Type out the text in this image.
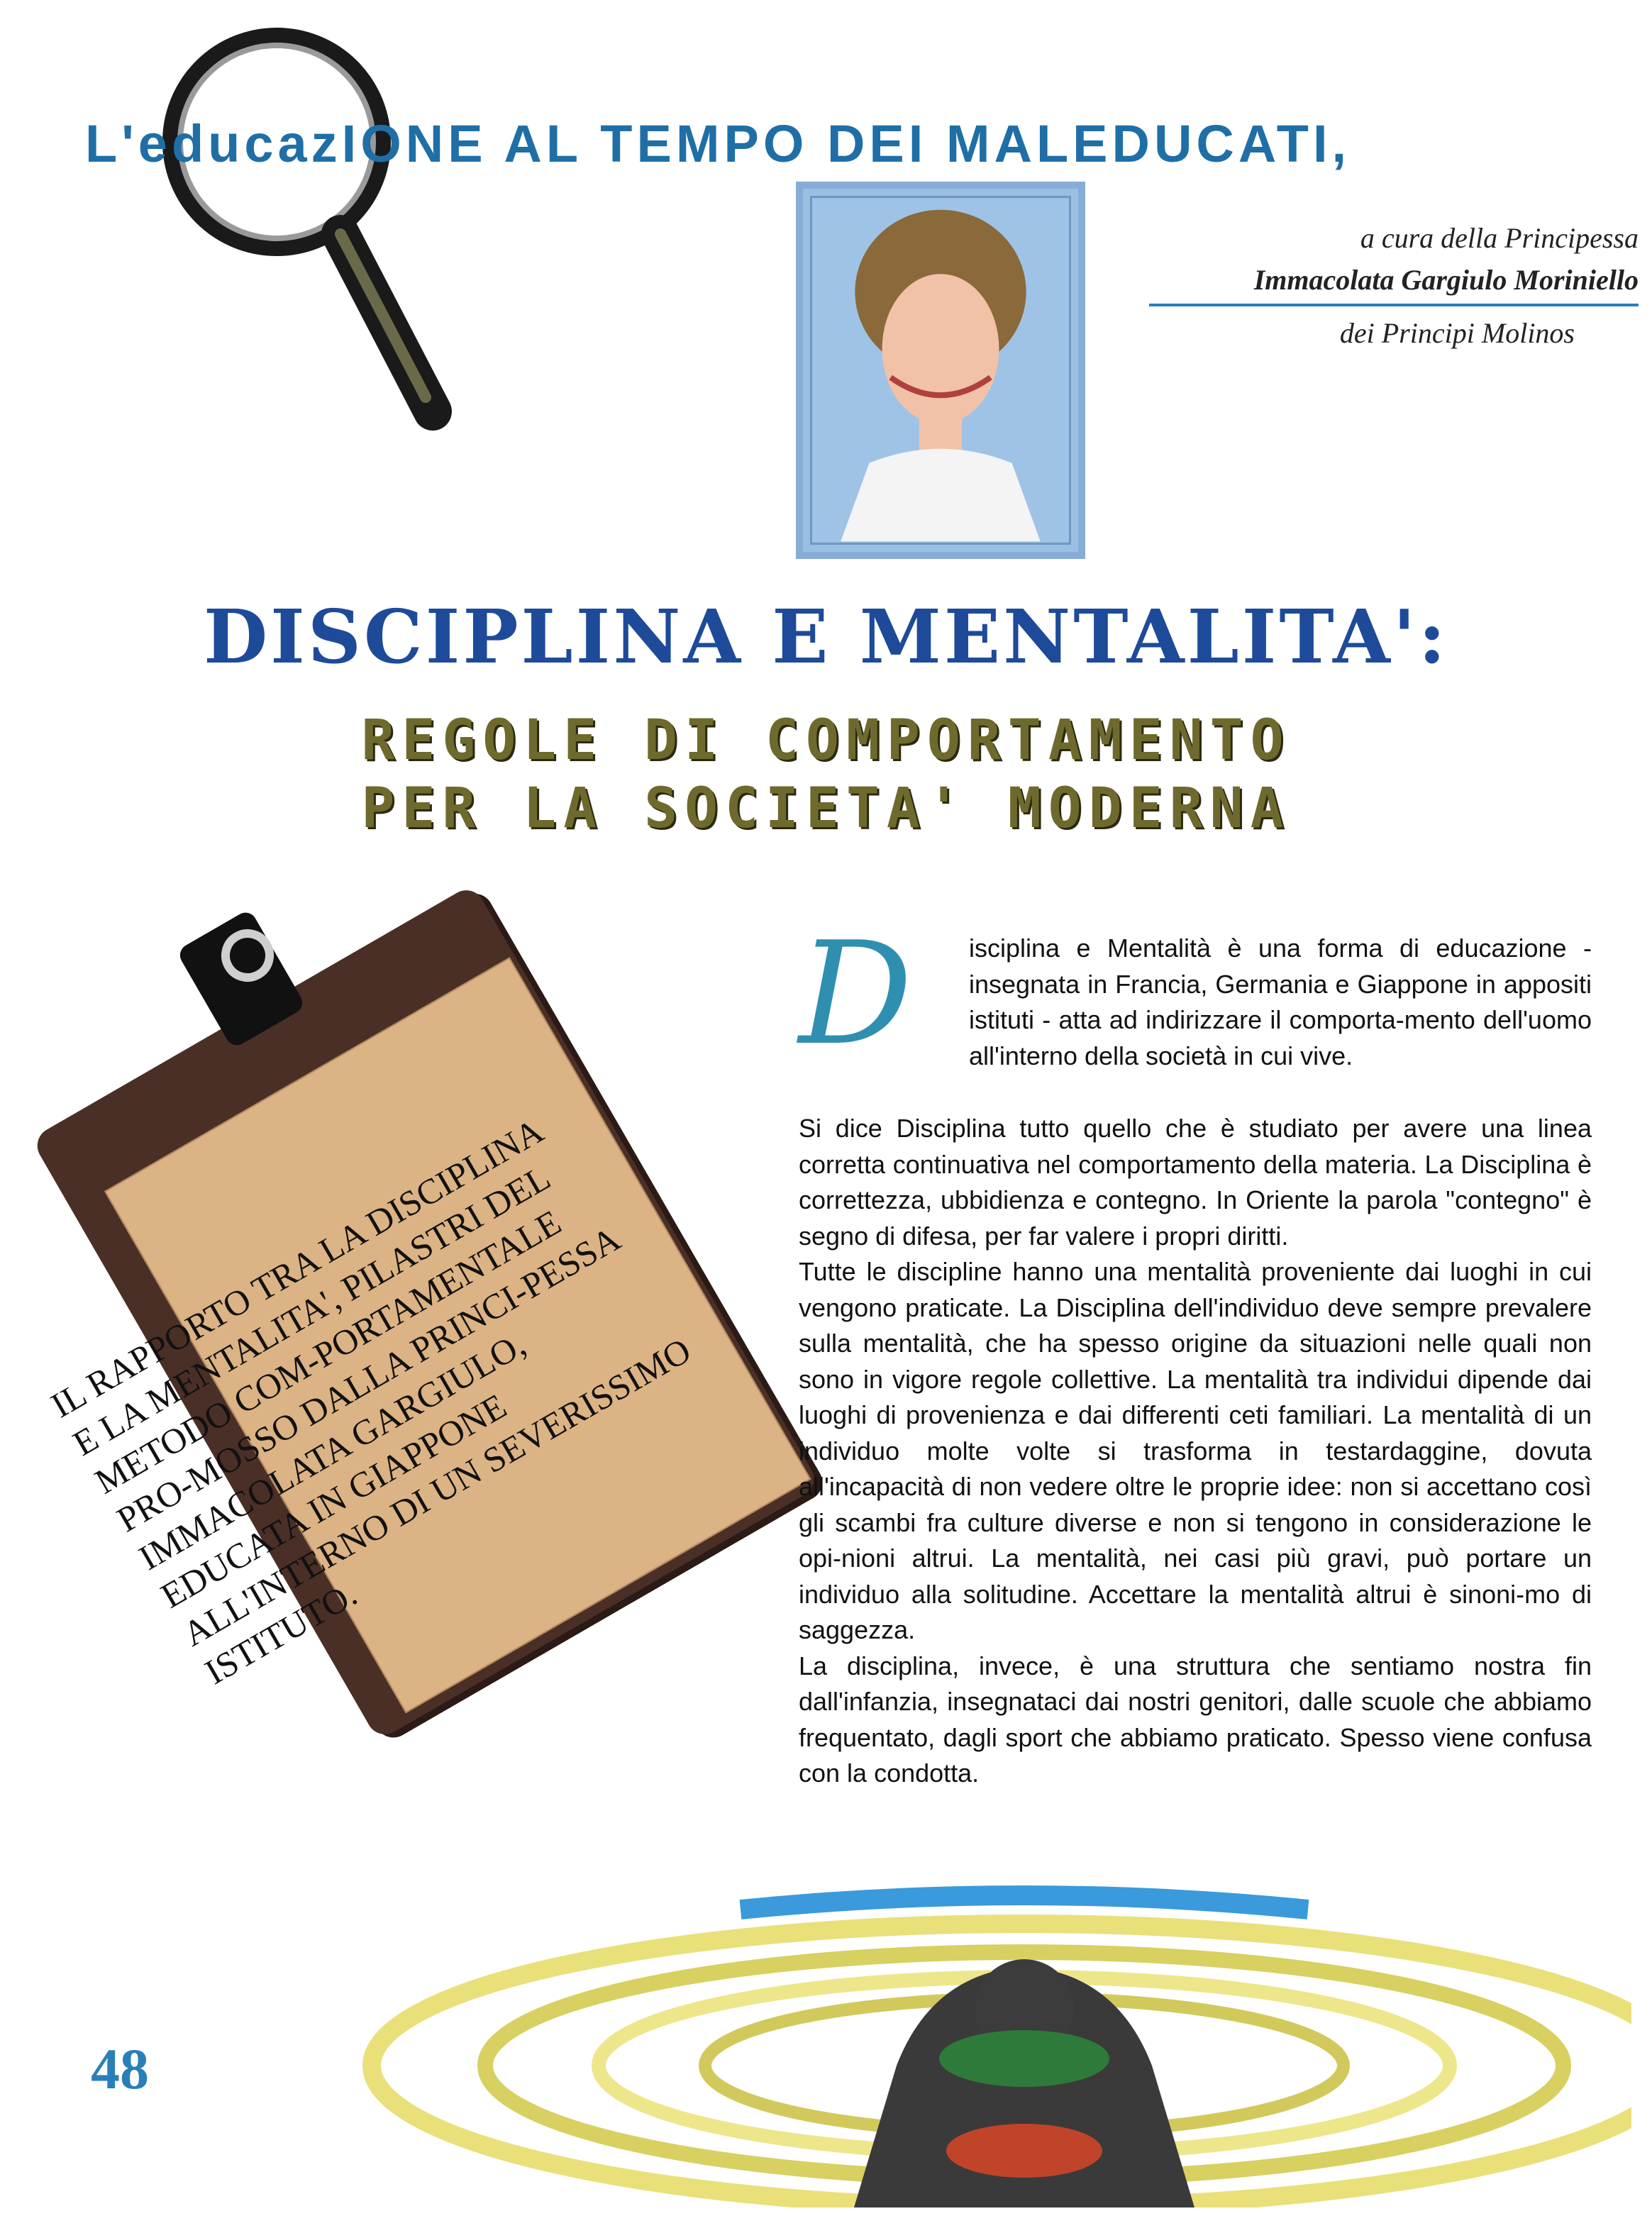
L'educazIONE AL TEMPO DEI MALEDUCATI,
a cura della Principessa
Immacolata Gargiulo Moriniello
dei Principi Molinos
DISCIPLINA E MENTALITA':
REGOLE DI COMPORTAMENTO
PER LA SOCIETA' MODERNA
IL RAPPORTO TRA LA DISCIPLINA E LA MENTALITA', PILASTRI DEL METODO COM-PORTAMENTALE PRO-MOSSO DALLA PRINCI-PESSA IMMACOLATA GARGIULO, EDUCATA IN GIAPPONE ALL'INTERNO DI UN SEVERISSIMO ISTITUTO.
D	isciplina e Mentalità è una forma di educazione - insegnata in Francia, Germania e Giappone in appositi istituti - atta ad indirizzare il comporta-mento dell'uomo all'interno della società in cui vive.

Si dice Disciplina tutto quello che è studiato per avere una linea corretta continuativa nel comportamento della materia. La Disciplina è correttezza, ubbidienza e contegno. In Oriente la parola "contegno" è segno di difesa, per far valere i propri diritti.

Tutte le discipline hanno una mentalità proveniente dai luoghi in cui vengono praticate. La Disciplina dell'individuo deve sempre prevalere sulla mentalità, che ha spesso origine da situazioni nelle quali non sono in vigore regole collettive. La mentalità tra individui dipende dai luoghi di provenienza e dai differenti ceti familiari. La mentalità di un individuo molte volte si trasforma in testardaggine, dovuta all'incapacità di non vedere oltre le proprie idee: non si accettano così gli scambi fra culture diverse e non si tengono in considerazione le opi-nioni altrui. La mentalità, nei casi più gravi, può portare un individuo alla solitudine. Accettare la mentalità altrui è sinoni-mo di saggezza.

La disciplina, invece, è una struttura che sentiamo nostra fin dall'infanzia, insegnataci dai nostri genitori, dalle scuole che abbiamo frequentato, dagli sport che abbiamo praticato. Spesso viene confusa con la condotta.

48
